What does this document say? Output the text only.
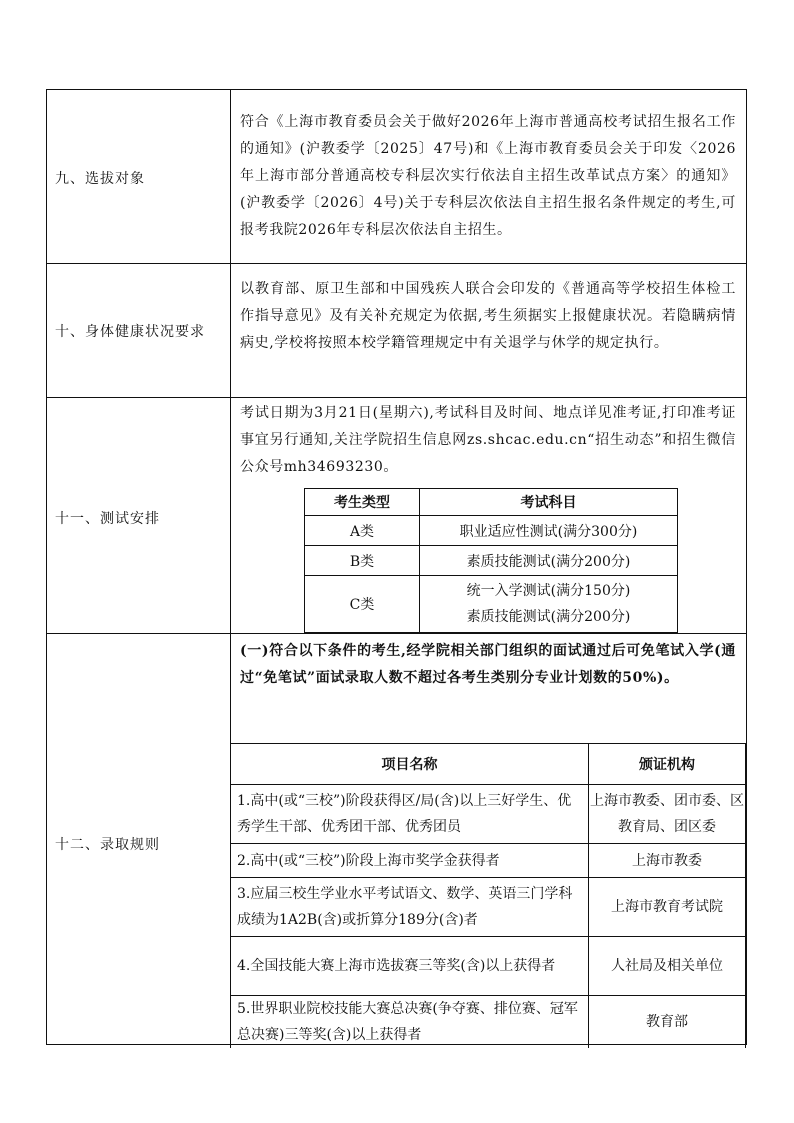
九、选拔对象
符合《上海市教育委员会关于做好2026年上海市普通高校考试招生报名工作的通知》(沪教委学〔2025〕47号)和《上海市教育委员会关于印发〈2026年上海市部分普通高校专科层次实行依法自主招生改革试点方案〉的通知》(沪教委学〔2026〕4号)关于专科层次依法自主招生报名条件规定的考生,可报考我院2026年专科层次依法自主招生。
十、身体健康状况要求
以教育部、原卫生部和中国残疾人联合会印发的《普通高等学校招生体检工作指导意见》及有关补充规定为依据,考生须据实上报健康状况。若隐瞒病情病史,学校将按照本校学籍管理规定中有关退学与休学的规定执行。
十一、测试安排
考试日期为3月21日(星期六),考试科目及时间、地点详见准考证,打印准考证事宜另行通知,关注学院招生信息网zs.shcac.edu.cn“招生动态”和招生微信公众号mh34693230。
考生类型	考试科目
A类	职业适应性测试(满分300分)
B类	素质技能测试(满分200分)
C类	统一入学测试(满分150分)
素质技能测试(满分200分)
十二、录取规则
(一)符合以下条件的考生,经学院相关部门组织的面试通过后可免笔试入学(通过“免笔试”面试录取人数不超过各考生类别分专业计划数的50%)。
项目名称	颁证机构
1.高中(或“三校”)阶段获得区/局(含)以上三好学生、优秀学生干部、优秀团干部、优秀团员	上海市教委、团市委、区教育局、团区委
2.高中(或“三校”)阶段上海市奖学金获得者	上海市教委
3.应届三校生学业水平考试语文、数学、英语三门学科成绩为1A2B(含)或折算分189分(含)者	上海市教育考试院
4.全国技能大赛上海市选拔赛三等奖(含)以上获得者	人社局及相关单位
5.世界职业院校技能大赛总决赛(争夺赛、排位赛、冠军总决赛)三等奖(含)以上获得者	教育部
